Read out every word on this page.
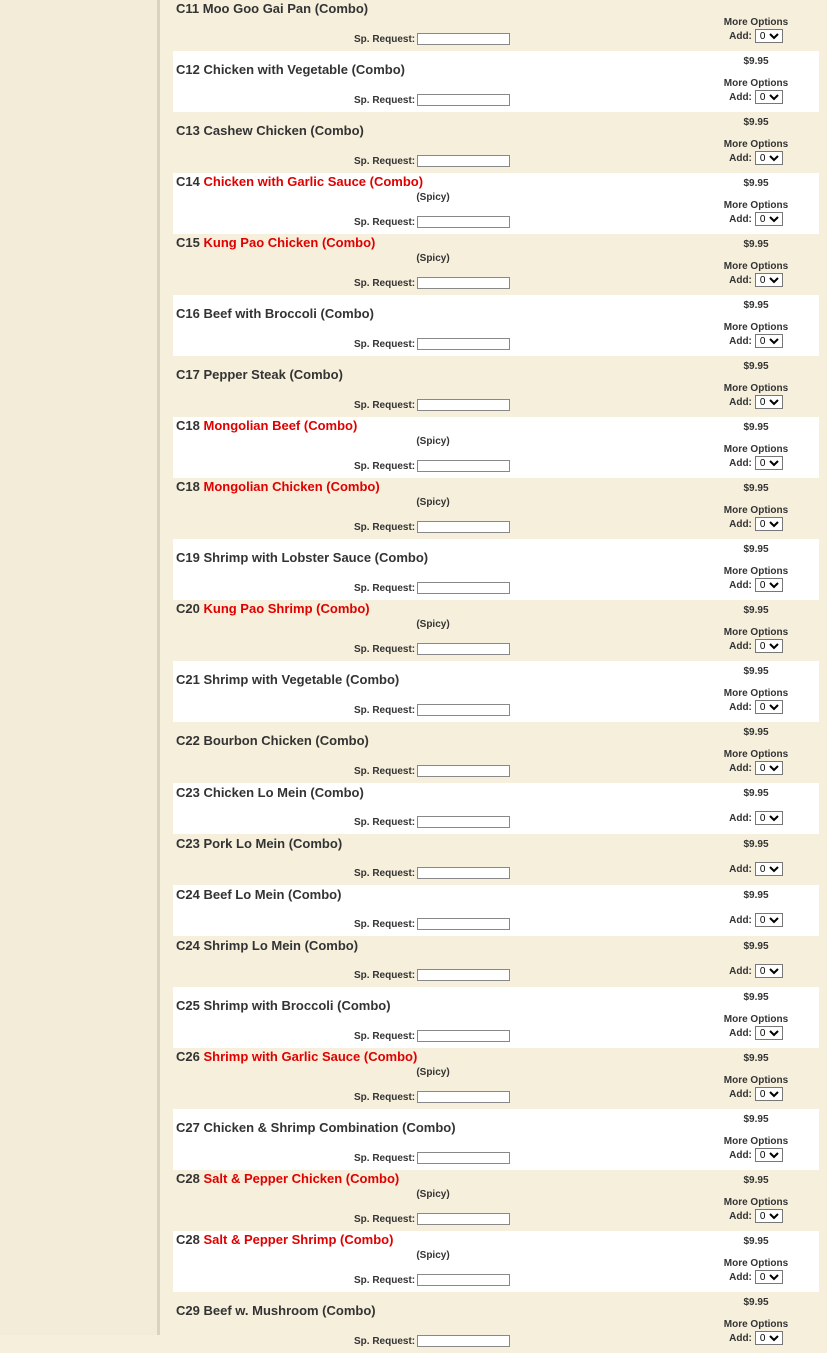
C11 Moo Goo Gai Pan (Combo)
Sp. Request:
More Options
Add:
0
C12 Chicken with Vegetable (Combo)
Sp. Request:
$9.95
More Options
Add:
0
C13 Cashew Chicken (Combo)
Sp. Request:
$9.95
More Options
Add:
0
C14 Chicken with Garlic Sauce (Combo)
(Spicy)
Sp. Request:
$9.95
More Options
Add:
0
C15 Kung Pao Chicken (Combo)
(Spicy)
Sp. Request:
$9.95
More Options
Add:
0
C16 Beef with Broccoli (Combo)
Sp. Request:
$9.95
More Options
Add:
0
C17 Pepper Steak (Combo)
Sp. Request:
$9.95
More Options
Add:
0
C18 Mongolian Beef (Combo)
(Spicy)
Sp. Request:
$9.95
More Options
Add:
0
C18 Mongolian Chicken (Combo)
(Spicy)
Sp. Request:
$9.95
More Options
Add:
0
C19 Shrimp with Lobster Sauce (Combo)
Sp. Request:
$9.95
More Options
Add:
0
C20 Kung Pao Shrimp (Combo)
(Spicy)
Sp. Request:
$9.95
More Options
Add:
0
C21 Shrimp with Vegetable (Combo)
Sp. Request:
$9.95
More Options
Add:
0
C22 Bourbon Chicken (Combo)
Sp. Request:
$9.95
More Options
Add:
0
C23 Chicken Lo Mein (Combo)
Sp. Request:
$9.95
Add:
0
C23 Pork Lo Mein (Combo)
Sp. Request:
$9.95
Add:
0
C24 Beef Lo Mein (Combo)
Sp. Request:
$9.95
Add:
0
C24 Shrimp Lo Mein (Combo)
Sp. Request:
$9.95
Add:
0
C25 Shrimp with Broccoli (Combo)
Sp. Request:
$9.95
More Options
Add:
0
C26 Shrimp with Garlic Sauce (Combo)
(Spicy)
Sp. Request:
$9.95
More Options
Add:
0
C27 Chicken & Shrimp Combination (Combo)
Sp. Request:
$9.95
More Options
Add:
0
C28 Salt & Pepper Chicken (Combo)
(Spicy)
Sp. Request:
$9.95
More Options
Add:
0
C28 Salt & Pepper Shrimp (Combo)
(Spicy)
Sp. Request:
$9.95
More Options
Add:
0
C29 Beef w. Mushroom (Combo)
Sp. Request:
$9.95
More Options
Add:
0
